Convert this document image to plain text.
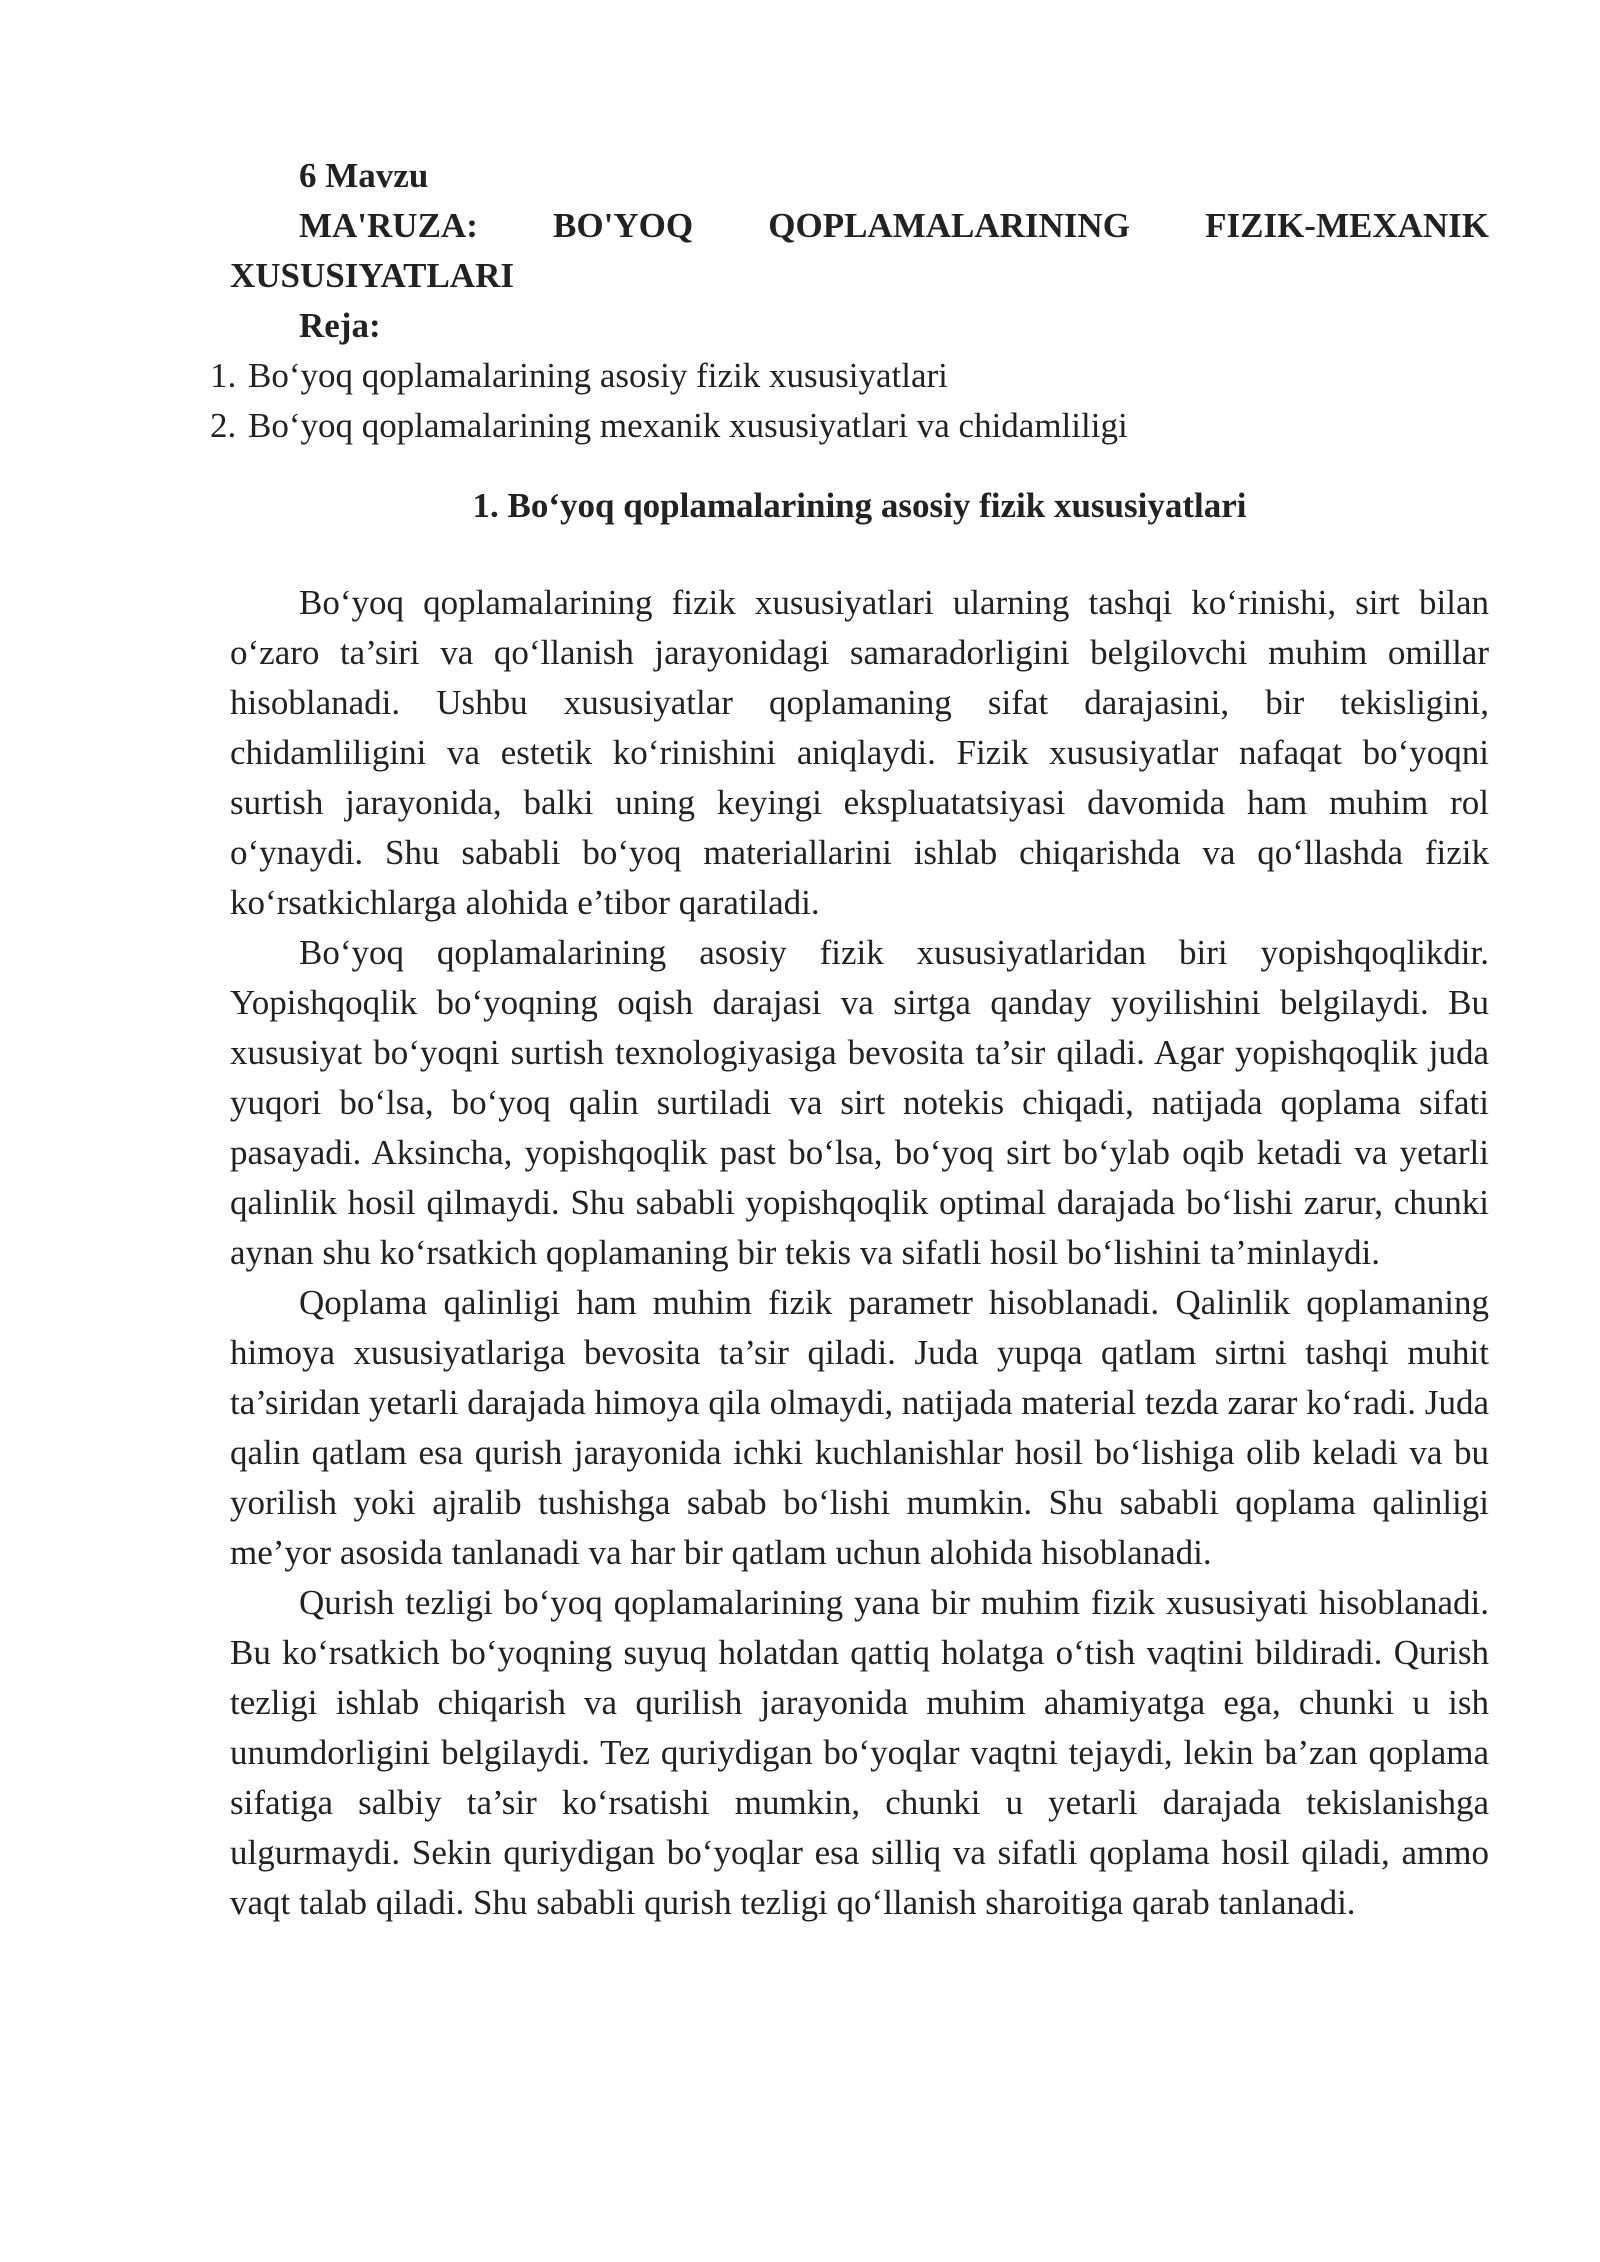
6 Mavzu

MA'RUZA: BO'YOQ QOPLAMALARINING FIZIK-MEXANIK
XUSUSIYATLARI

Reja:

1. Bo‘yoq qoplamalarining asosiy fizik xususiyatlari
2. Bo‘yoq qoplamalarining mexanik xususiyatlari va chidamliligi
1. Bo‘yoq qoplamalarining asosiy fizik xususiyatlari

Bo‘yoq qoplamalarining fizik xususiyatlari ularning tashqi ko‘rinishi, sirt bilan o‘zaro ta’siri va qo‘llanish jarayonidagi samaradorligini belgilovchi muhim omillar hisoblanadi. Ushbu xususiyatlar qoplamaning sifat darajasini, bir tekisligini, chidamliligini va estetik ko‘rinishini aniqlaydi. Fizik xususiyatlar nafaqat bo‘yoqni surtish jarayonida, balki uning keyingi ekspluatatsiyasi davomida ham muhim rol o‘ynaydi. Shu sababli bo‘yoq materiallarini ishlab chiqarishda va qo‘llashda fizik ko‘rsatkichlarga alohida e’tibor qaratiladi.

Bo‘yoq qoplamalarining asosiy fizik xususiyatlaridan biri yopishqoqlikdir. Yopishqoqlik bo‘yoqning oqish darajasi va sirtga qanday yoyilishini belgilaydi. Bu xususiyat bo‘yoqni surtish texnologiyasiga bevosita ta’sir qiladi. Agar yopishqoqlik juda yuqori bo‘lsa, bo‘yoq qalin surtiladi va sirt notekis chiqadi, natijada qoplama sifati pasayadi. Aksincha, yopishqoqlik past bo‘lsa, bo‘yoq sirt bo‘ylab oqib ketadi va yetarli qalinlik hosil qilmaydi. Shu sababli yopishqoqlik optimal darajada bo‘lishi zarur, chunki aynan shu ko‘rsatkich qoplamaning bir tekis va sifatli hosil bo‘lishini ta’minlaydi.

Qoplama qalinligi ham muhim fizik parametr hisoblanadi. Qalinlik qoplamaning himoya xususiyatlariga bevosita ta’sir qiladi. Juda yupqa qatlam sirtni tashqi muhit ta’siridan yetarli darajada himoya qila olmaydi, natijada material tezda zarar ko‘radi. Juda qalin qatlam esa qurish jarayonida ichki kuchlanishlar hosil bo‘lishiga olib keladi va bu yorilish yoki ajralib tushishga sabab bo‘lishi mumkin. Shu sababli qoplama qalinligi me’yor asosida tanlanadi va har bir qatlam uchun alohida hisoblanadi.

Qurish tezligi bo‘yoq qoplamalarining yana bir muhim fizik xususiyati hisoblanadi. Bu ko‘rsatkich bo‘yoqning suyuq holatdan qattiq holatga o‘tish vaqtini bildiradi. Qurish tezligi ishlab chiqarish va qurilish jarayonida muhim ahamiyatga ega, chunki u ish unumdorligini belgilaydi. Tez quriydigan bo‘yoqlar vaqtni tejaydi, lekin ba’zan qoplama sifatiga salbiy ta’sir ko‘rsatishi mumkin, chunki u yetarli darajada tekislanishga ulgurmaydi. Sekin quriydigan bo‘yoqlar esa silliq va sifatli qoplama hosil qiladi, ammo vaqt talab qiladi. Shu sababli qurish tezligi qo‘llanish sharoitiga qarab tanlanadi.
